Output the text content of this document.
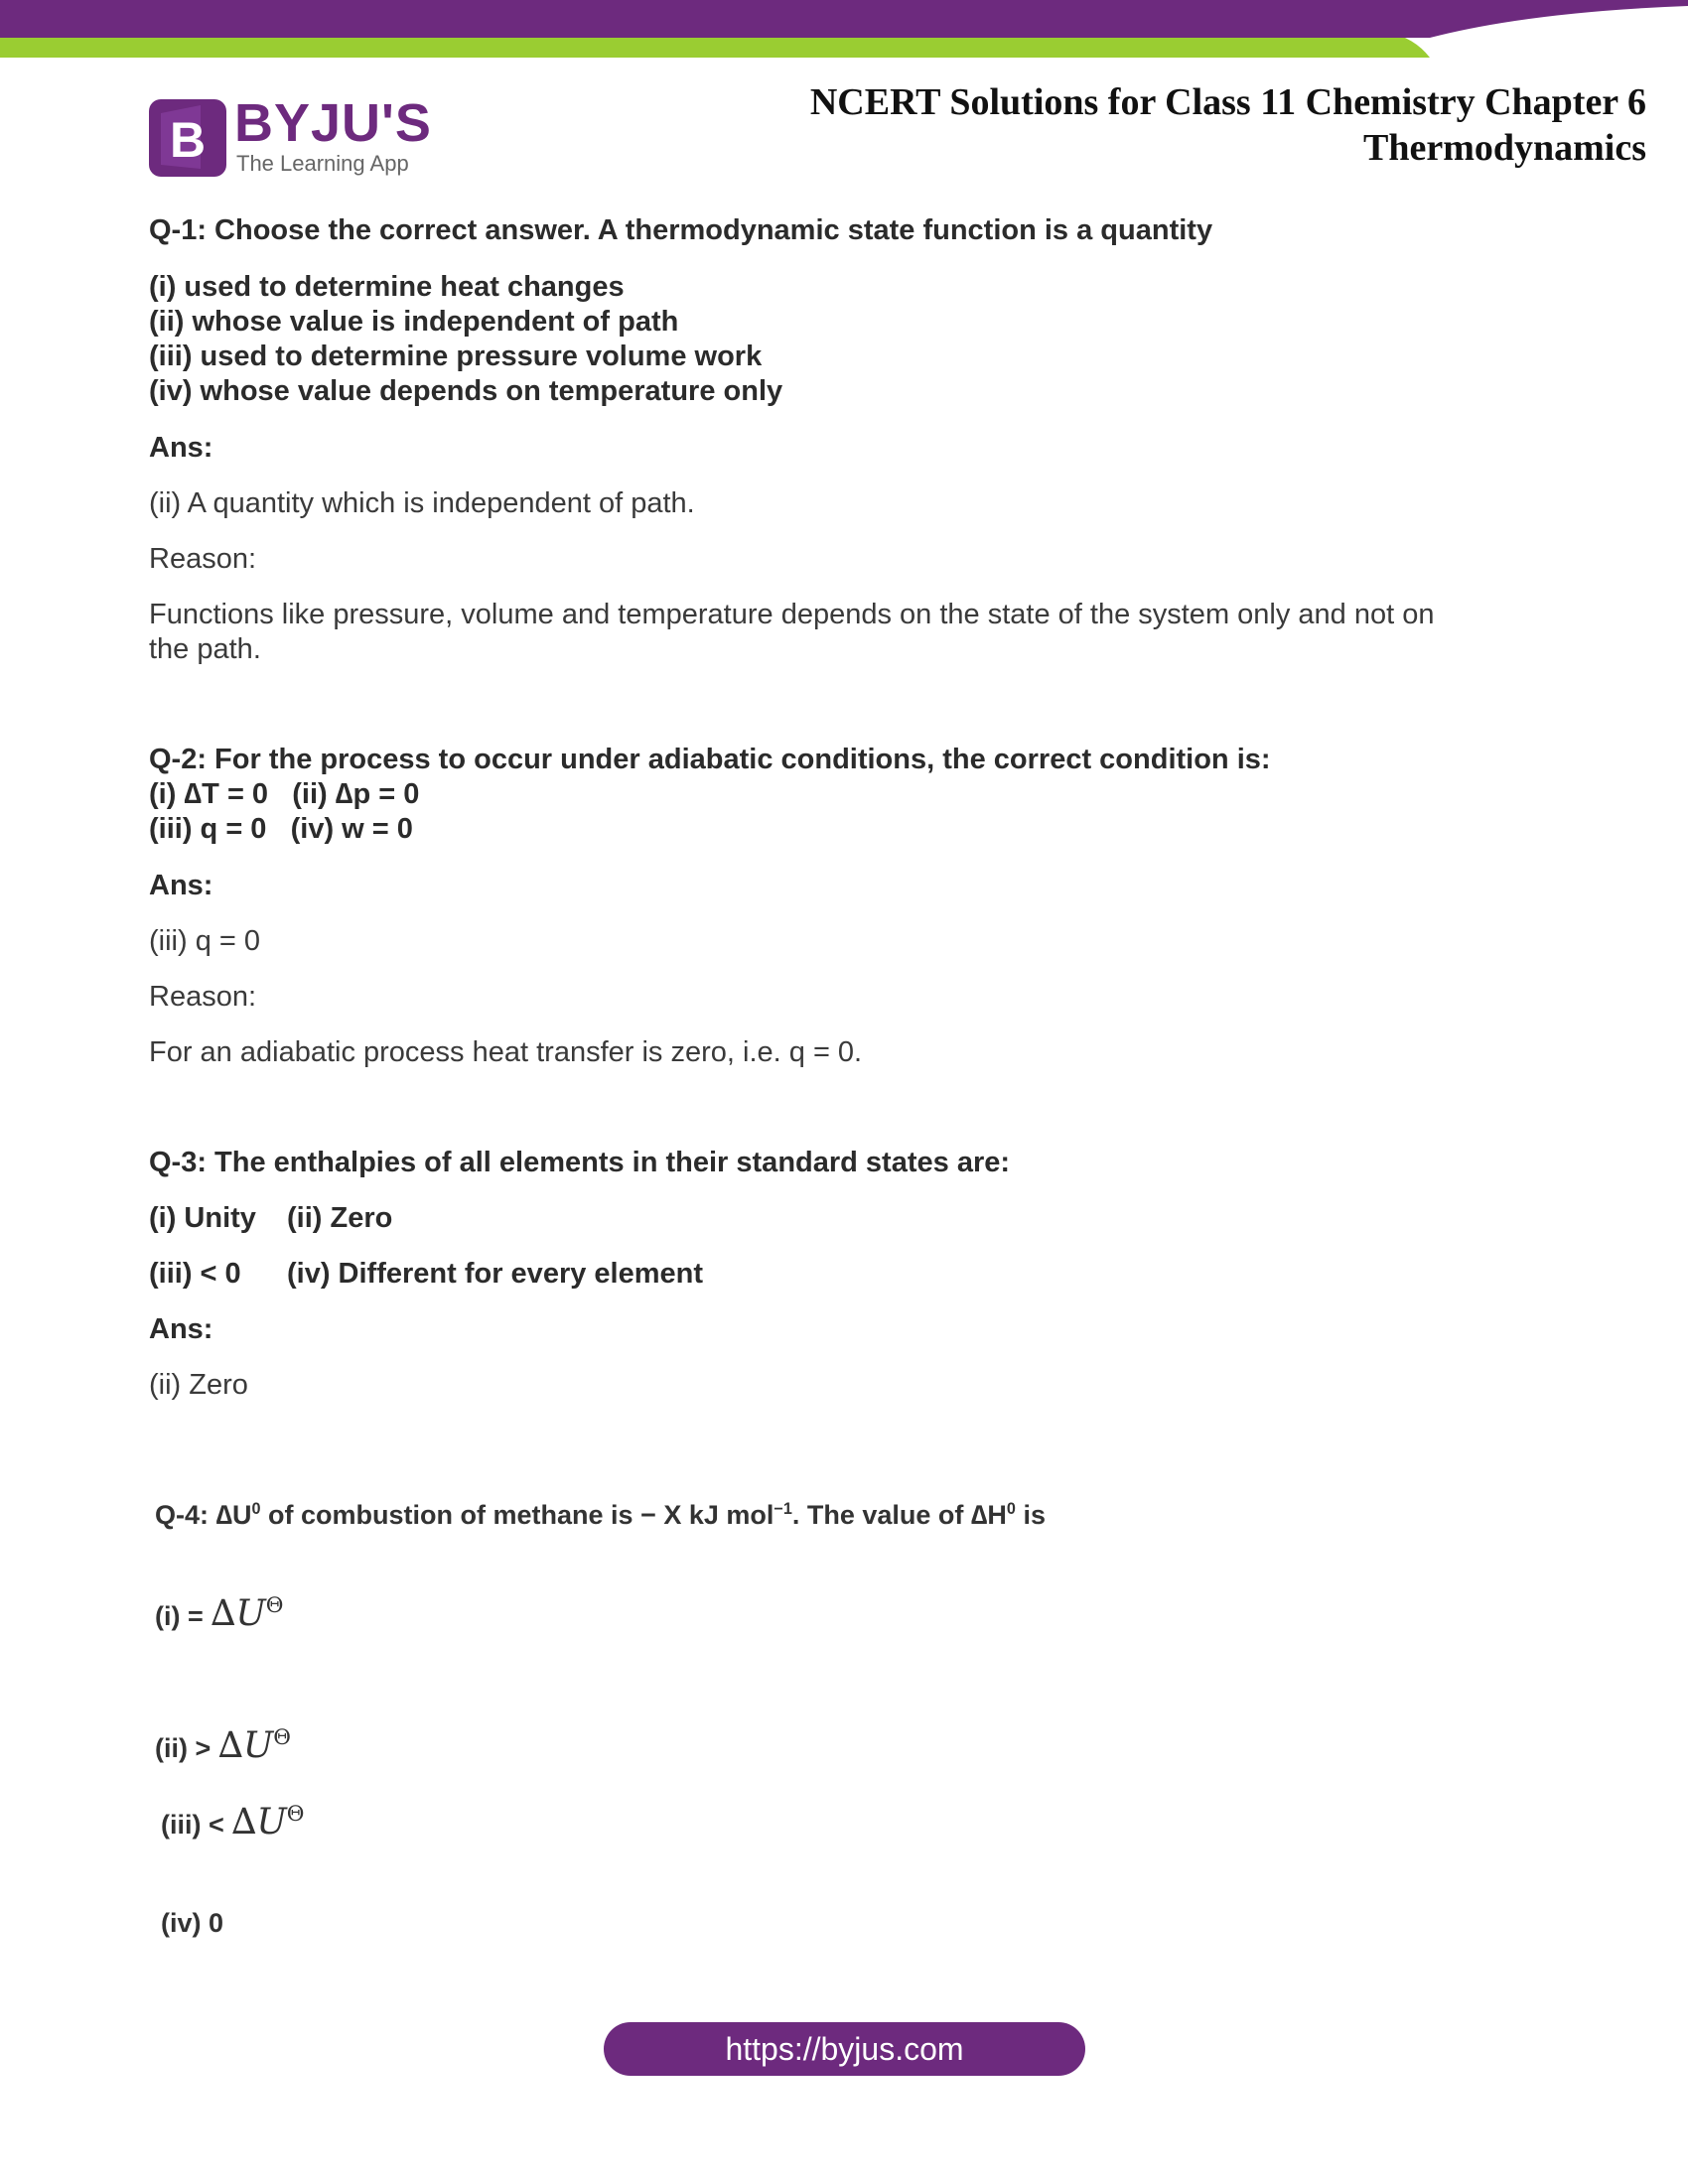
B BYJU'S
The Learning App
NCERT Solutions for Class 11 Chemistry Chapter 6
Thermodynamics
Q-1: Choose the correct answer. A thermodynamic state function is a quantity
(i) used to determine heat changes
(ii) whose value is independent of path
(iii) used to determine pressure volume work
(iv) whose value depends on temperature only
Ans:
(ii) A quantity which is independent of path.
Reason:
Functions like pressure, volume and temperature depends on the state of the system only and not on
the path.
Q-2: For the process to occur under adiabatic conditions, the correct condition is:
(i) ∆T = 0   (ii) ∆p = 0
(iii) q = 0   (iv) w = 0
Ans:
(iii) q = 0
Reason:
For an adiabatic process heat transfer is zero, i.e. q = 0.
Q-3: The enthalpies of all elements in their standard states are:
(i) Unity (ii) Zero
(iii) < 0 (iv) Different for every element
Ans:
(ii) Zero
Q-4: $\Delta U^0$ of combustion of methane is − X kJ mol$^{-1}$. The value of $\Delta H^0$ is
$(i) = \Delta U^\Theta$
$(ii) > \Delta U^\Theta$
$(iii) < \Delta U^\Theta$
(iv) 0
https://byjus.com
